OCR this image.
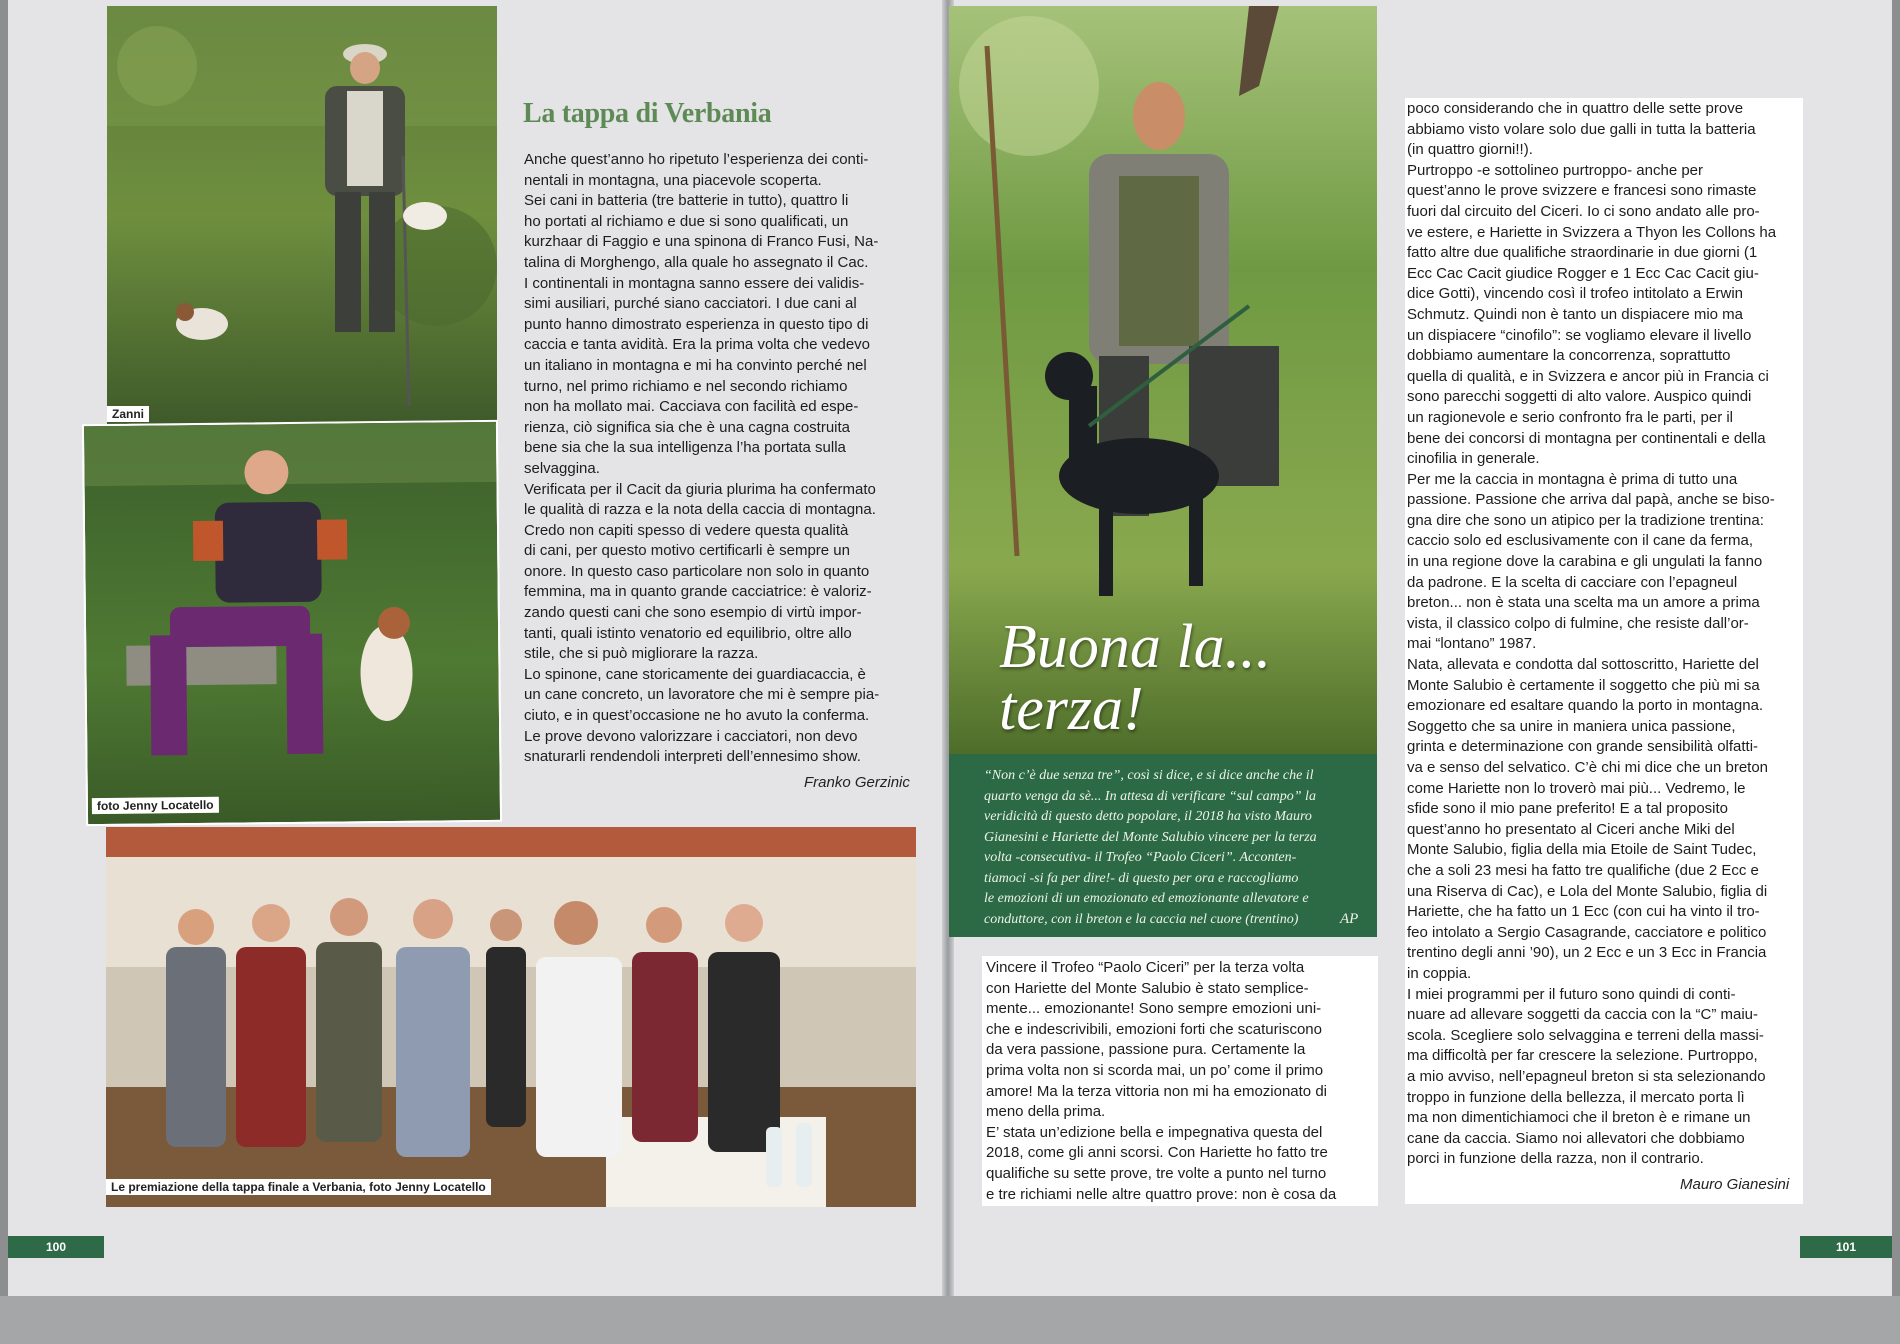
Zanni
foto Jenny Locatello
Le premiazione della tappa finale a Verbania, foto Jenny Locatello
La tappa di Verbania
Anche quest’anno ho ripetuto l’esperienza dei conti-
nentali in montagna, una piacevole scoperta.
Sei cani in batteria (tre batterie in tutto), quattro li
ho portati al richiamo e due si sono qualificati, un
kurzhaar di Faggio e una spinona di Franco Fusi, Na-
talina di Morghengo, alla quale ho assegnato il Cac.
I continentali in montagna sanno essere dei validis-
simi ausiliari, purché siano cacciatori. I due cani al
punto hanno dimostrato esperienza in questo tipo di
caccia e tanta avidità. Era la prima volta che vedevo
un italiano in montagna e mi ha convinto perché nel
turno, nel primo richiamo e nel secondo richiamo
non ha mollato mai. Cacciava con facilità ed espe-
rienza, ciò significa sia che è una cagna costruita
bene sia che la sua intelligenza l’ha portata sulla
selvaggina.
Verificata per il Cacit da giuria plurima ha confermato
le qualità di razza e la nota della caccia di montagna.
Credo non capiti spesso di vedere questa qualità
di cani, per questo motivo certificarli è sempre un
onore. In questo caso particolare non solo in quanto
femmina, ma in quanto grande cacciatrice: è valoriz-
zando questi cani che sono esempio di virtù impor-
tanti, quali istinto venatorio ed equilibrio, oltre allo
stile, che si può migliorare la razza.
Lo spinone, cane storicamente dei guardiacaccia, è
un cane concreto, un lavoratore che mi è sempre pia-
ciuto, e in quest’occasione ne ho avuto la conferma.
Le prove devono valorizzare i cacciatori, non devo
snaturarli rendendoli interpreti dell’ennesimo show.
Franko Gerzinic
100
Buona la...
terza!
“Non c’è due senza tre”, così si dice, e si dice anche che il
quarto venga da sè... In attesa di verificare “sul campo” la
veridicità di questo detto popolare, il 2018 ha visto Mauro
Gianesini e Hariette del Monte Salubio vincere per la terza
volta -consecutiva- il Trofeo “Paolo Ciceri”. Acconten-
tiamoci -si fa per dire!- di questo per ora e raccogliamo
le emozioni di un emozionato ed emozionante allevatore e
conduttore, con il breton e la caccia nel cuore (trentino)	AP
Vincere il Trofeo “Paolo Ciceri” per la terza volta
con Hariette del Monte Salubio è stato semplice-
mente... emozionante! Sono sempre emozioni uni-
che e indescrivibili, emozioni forti che scaturiscono
da vera passione, passione pura. Certamente la
prima volta non si scorda mai, un po’ come il primo
amore! Ma la terza vittoria non mi ha emozionato di
meno della prima.
E’ stata un’edizione bella e impegnativa questa del
2018, come gli anni scorsi. Con Hariette ho fatto tre
qualifiche su sette prove, tre volte a punto nel turno
e tre richiami nelle altre quattro prove: non è cosa da
poco considerando che in quattro delle sette prove
abbiamo visto volare solo due galli in tutta la batteria
(in quattro giorni!!).
Purtroppo -e sottolineo purtroppo- anche per
quest’anno le prove svizzere e francesi sono rimaste
fuori dal circuito del Ciceri. Io ci sono andato alle pro-
ve estere, e Hariette in Svizzera a Thyon les Collons ha
fatto altre due qualifiche straordinarie in due giorni (1
Ecc Cac Cacit giudice Rogger e 1 Ecc Cac Cacit giu-
dice Gotti), vincendo così il trofeo intitolato a Erwin
Schmutz. Quindi non è tanto un dispiacere mio ma
un dispiacere “cinofilo”: se vogliamo elevare il livello
dobbiamo aumentare la concorrenza, soprattutto
quella di qualità, e in Svizzera e ancor più in Francia ci
sono parecchi soggetti di alto valore. Auspico quindi
un ragionevole e serio confronto fra le parti, per il
bene dei concorsi di montagna per continentali e della
cinofilia in generale.
Per me la caccia in montagna è prima di tutto una
passione. Passione che arriva dal papà, anche se biso-
gna dire che sono un atipico per la tradizione trentina:
caccio solo ed esclusivamente con il cane da ferma,
in una regione dove la carabina e gli ungulati la fanno
da padrone. E la scelta di cacciare con l’epagneul
breton... non è stata una scelta ma un amore a prima
vista, il classico colpo di fulmine, che resiste dall’or-
mai “lontano” 1987.
Nata, allevata e condotta dal sottoscritto, Hariette del
Monte Salubio è certamente il soggetto che più mi sa
emozionare ed esaltare quando la porto in montagna.
Soggetto che sa unire in maniera unica passione,
grinta e determinazione con grande sensibilità olfatti-
va e senso del selvatico. C’è chi mi dice che un breton
come Hariette non lo troverò mai più... Vedremo, le
sfide sono il mio pane preferito! E a tal proposito
quest’anno ho presentato al Ciceri anche Miki del
Monte Salubio, figlia della mia Etoile de Saint Tudec,
che a soli 23 mesi ha fatto tre qualifiche (due 2 Ecc e
una Riserva di Cac), e Lola del Monte Salubio, figlia di
Hariette, che ha fatto un 1 Ecc (con cui ha vinto il tro-
feo intolato a Sergio Casagrande, cacciatore e politico
trentino degli anni ’90), un 2 Ecc e un 3 Ecc in Francia
in coppia.
I miei programmi per il futuro sono quindi di conti-
nuare ad allevare soggetti da caccia con la “C” maiu-
scola. Scegliere solo selvaggina e terreni della massi-
ma difficoltà per far crescere la selezione. Purtroppo,
a mio avviso, nell’epagneul breton si sta selezionando
troppo in funzione della bellezza, il mercato porta lì
ma non dimentichiamoci che il breton è e rimane un
cane da caccia. Siamo noi allevatori che dobbiamo
porci in funzione della razza, non il contrario.
Mauro Gianesini
101
